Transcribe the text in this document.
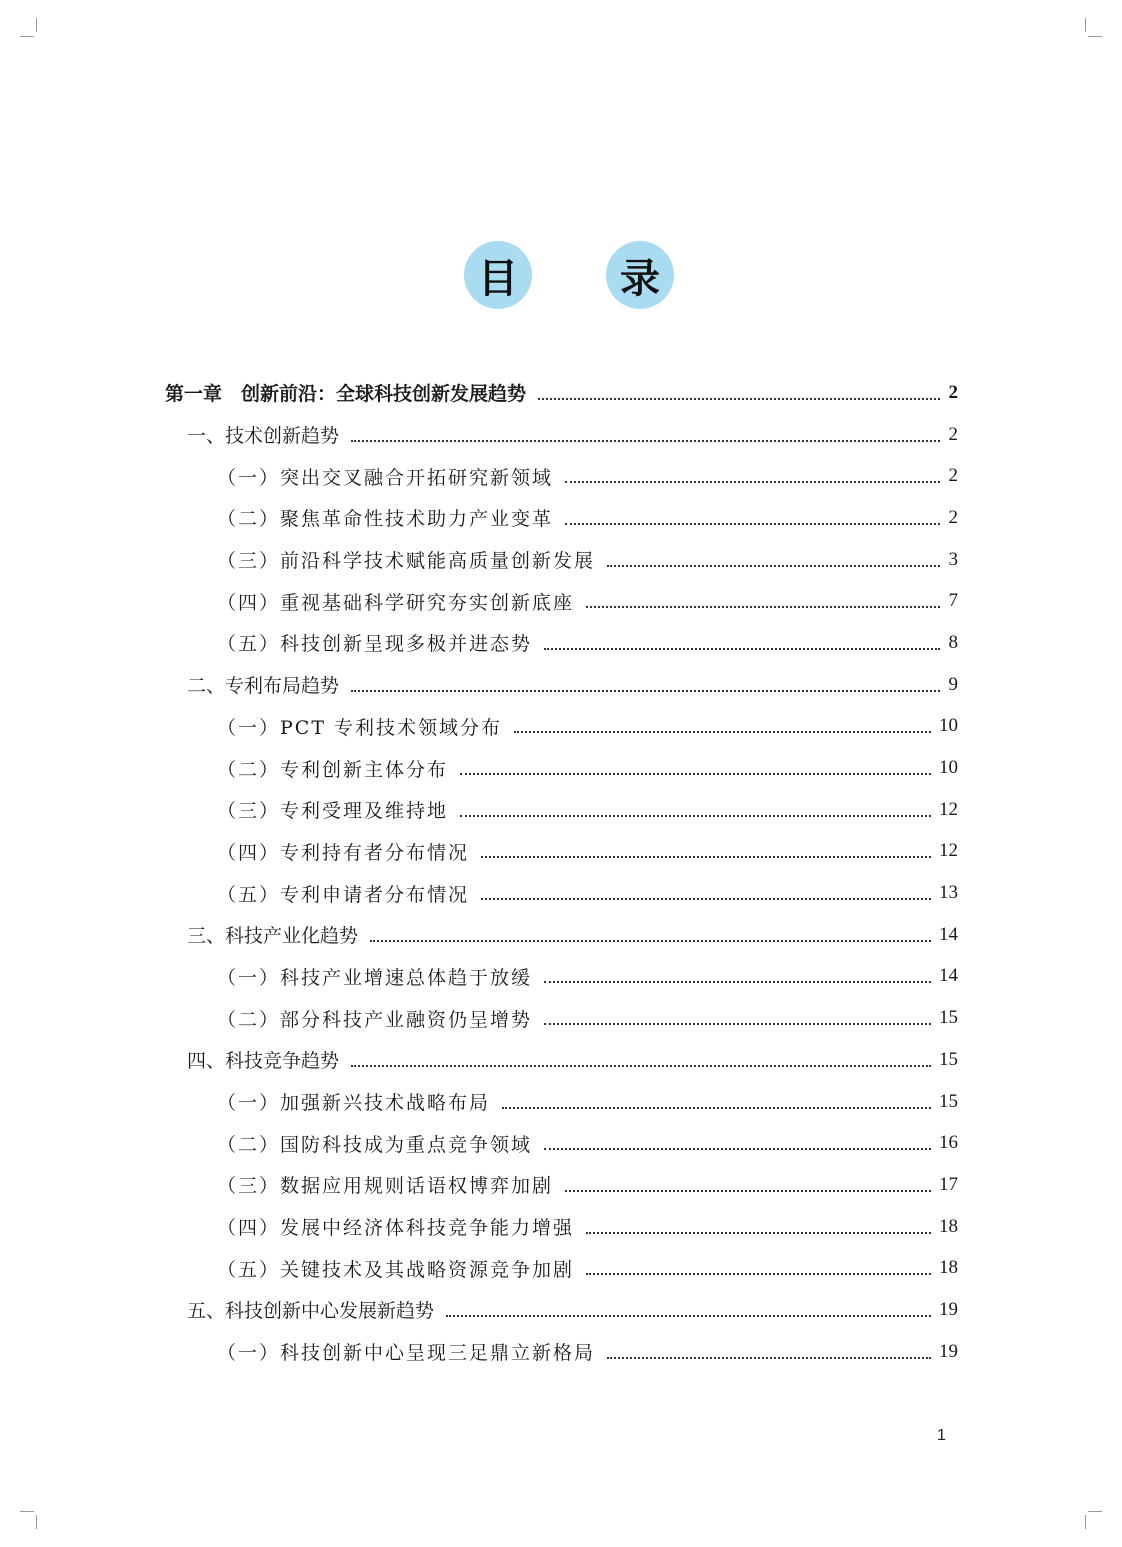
目	录
第一章　创新前沿：全球科技创新发展趋势	2
一、技术创新趋势	2
（一）突出交叉融合开拓研究新领域	2
（二）聚焦革命性技术助力产业变革	2
（三）前沿科学技术赋能高质量创新发展	3
（四）重视基础科学研究夯实创新底座	7
（五）科技创新呈现多极并进态势	8
二、专利布局趋势	9
（一）PCT 专利技术领域分布	10
（二）专利创新主体分布	10
（三）专利受理及维持地	12
（四）专利持有者分布情况	12
（五）专利申请者分布情况	13
三、科技产业化趋势	14
（一）科技产业增速总体趋于放缓	14
（二）部分科技产业融资仍呈增势	15
四、科技竞争趋势	15
（一）加强新兴技术战略布局	15
（二）国防科技成为重点竞争领域	16
（三）数据应用规则话语权博弈加剧	17
（四）发展中经济体科技竞争能力增强	18
（五）关键技术及其战略资源竞争加剧	18
五、科技创新中心发展新趋势	19
（一）科技创新中心呈现三足鼎立新格局	19
1
